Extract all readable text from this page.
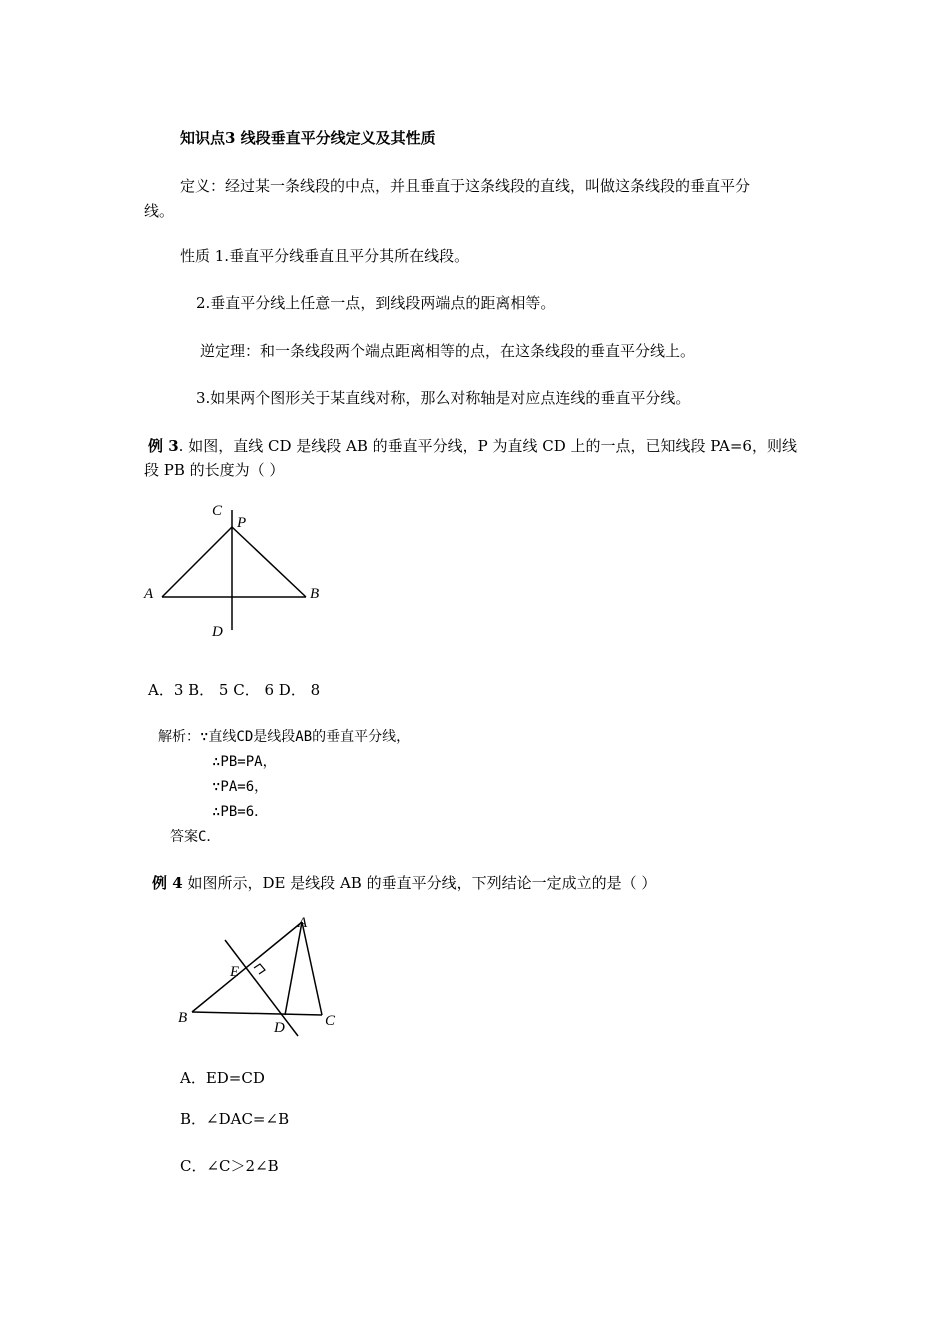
知识点3 线段垂直平分线定义及其性质
定义：经过某一条线段的中点，并且垂直于这条线段的直线，叫做这条线段的垂直平分
线。
性质 1.垂直平分线垂直且平分其所在线段。
2.垂直平分线上任意一点，到线段两端点的距离相等。
逆定理：和一条线段两个端点距离相等的点，在这条线段的垂直平分线上。
3.如果两个图形关于某直线对称，那么对称轴是对应点连线的垂直平分线。
例 3. 如图，直线 CD 是线段 AB 的垂直平分线，P 为直线 CD 上的一点，已知线段 PA=6，则线
段 PB 的长度为（ ）
C
P
A	B
D
A．3 B． 5 C． 6 D． 8
解析：∵直线CD是线段AB的垂直平分线，
∴PB=PA，
∵PA=6，
∴PB=6．
答案C．
例 4 如图所示，DE 是线段 AB 的垂直平分线，下列结论一定成立的是（ ）
A
E
B
D	C
A．ED=CD
B．∠DAC=∠B
C．∠C＞2∠B
